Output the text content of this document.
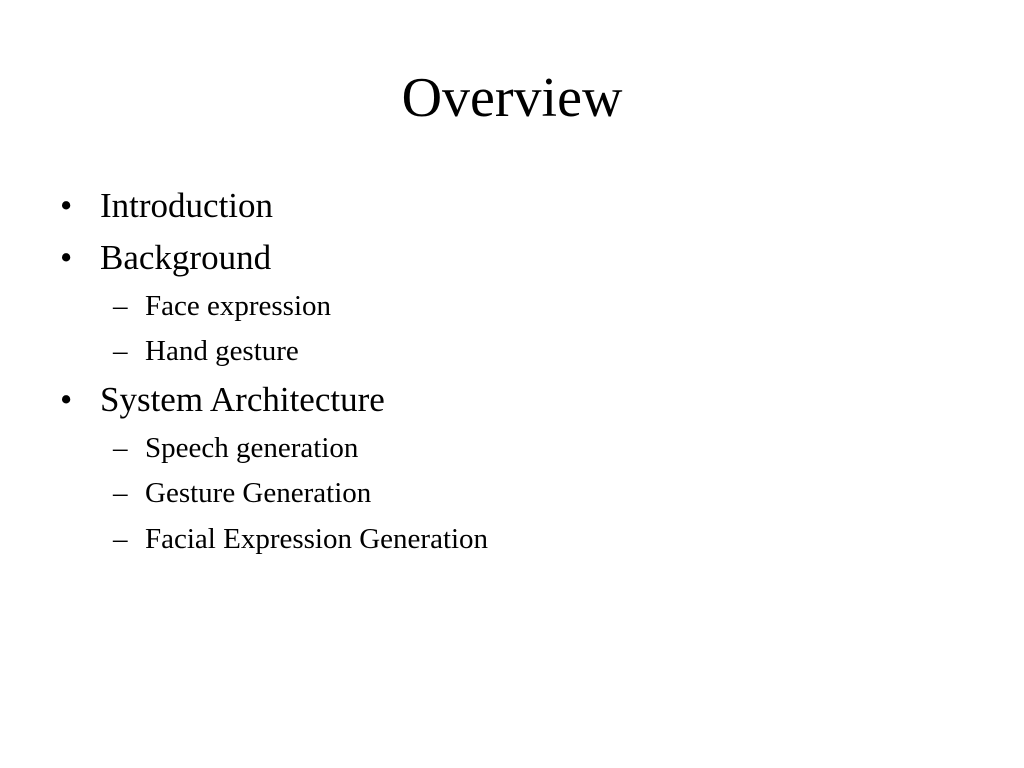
Overview
• Introduction
• Background
– Face expression
– Hand gesture
• System Architecture
– Speech generation
– Gesture Generation
– Facial Expression Generation
